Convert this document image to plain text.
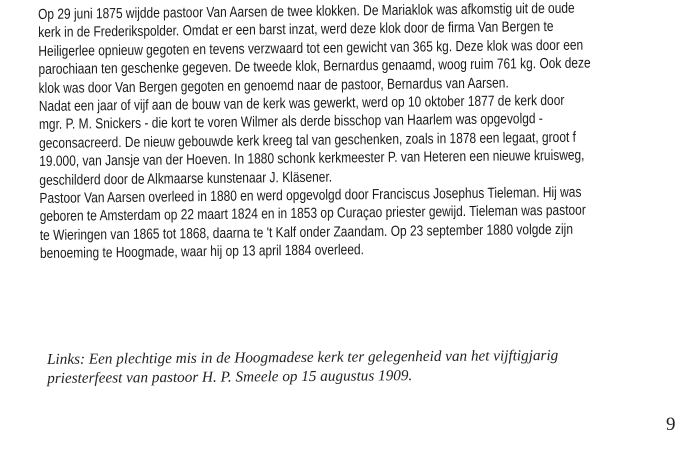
Op 29 juni 1875 wijdde pastoor Van Aarsen de twee klokken. De Mariaklok was afkomstig uit de oude
kerk in de Frederikspolder. Omdat er een barst inzat, werd deze klok door de firma Van Bergen te
Heiligerlee opnieuw gegoten en tevens verzwaard tot een gewicht van 365 kg. Deze klok was door een
parochiaan ten geschenke gegeven. De tweede klok, Bernardus genaamd, woog ruim 761 kg. Ook deze
klok was door Van Bergen gegoten en genoemd naar de pastoor, Bernardus van Aarsen.
Nadat een jaar of vijf aan de bouw van de kerk was gewerkt, werd op 10 oktober 1877 de kerk door
mgr. P. M. Snickers - die kort te voren Wilmer als derde bisschop van Haarlem was opgevolgd -
geconsacreerd. De nieuw gebouwde kerk kreeg tal van geschenken, zoals in 1878 een legaat, groot f
19.000, van Jansje van der Hoeven. In 1880 schonk kerkmeester P. van Heteren een nieuwe kruisweg,
geschilderd door de Alkmaarse kunstenaar J. Kläsener.
Pastoor Van Aarsen overleed in 1880 en werd opgevolgd door Franciscus Josephus Tieleman. Hij was
geboren te Amsterdam op 22 maart 1824 en in 1853 op Curaçao priester gewijd. Tieleman was pastoor
te Wieringen van 1865 tot 1868, daarna te 't Kalf onder Zaandam. Op 23 september 1880 volgde zijn
benoeming te Hoogmade, waar hij op 13 april 1884 overleed.
Links: Een plechtige mis in de Hoogmadese kerk ter gelegenheid van het vijftigjarig
priesterfeest van pastoor H. P. Smeele op 15 augustus 1909.
9
